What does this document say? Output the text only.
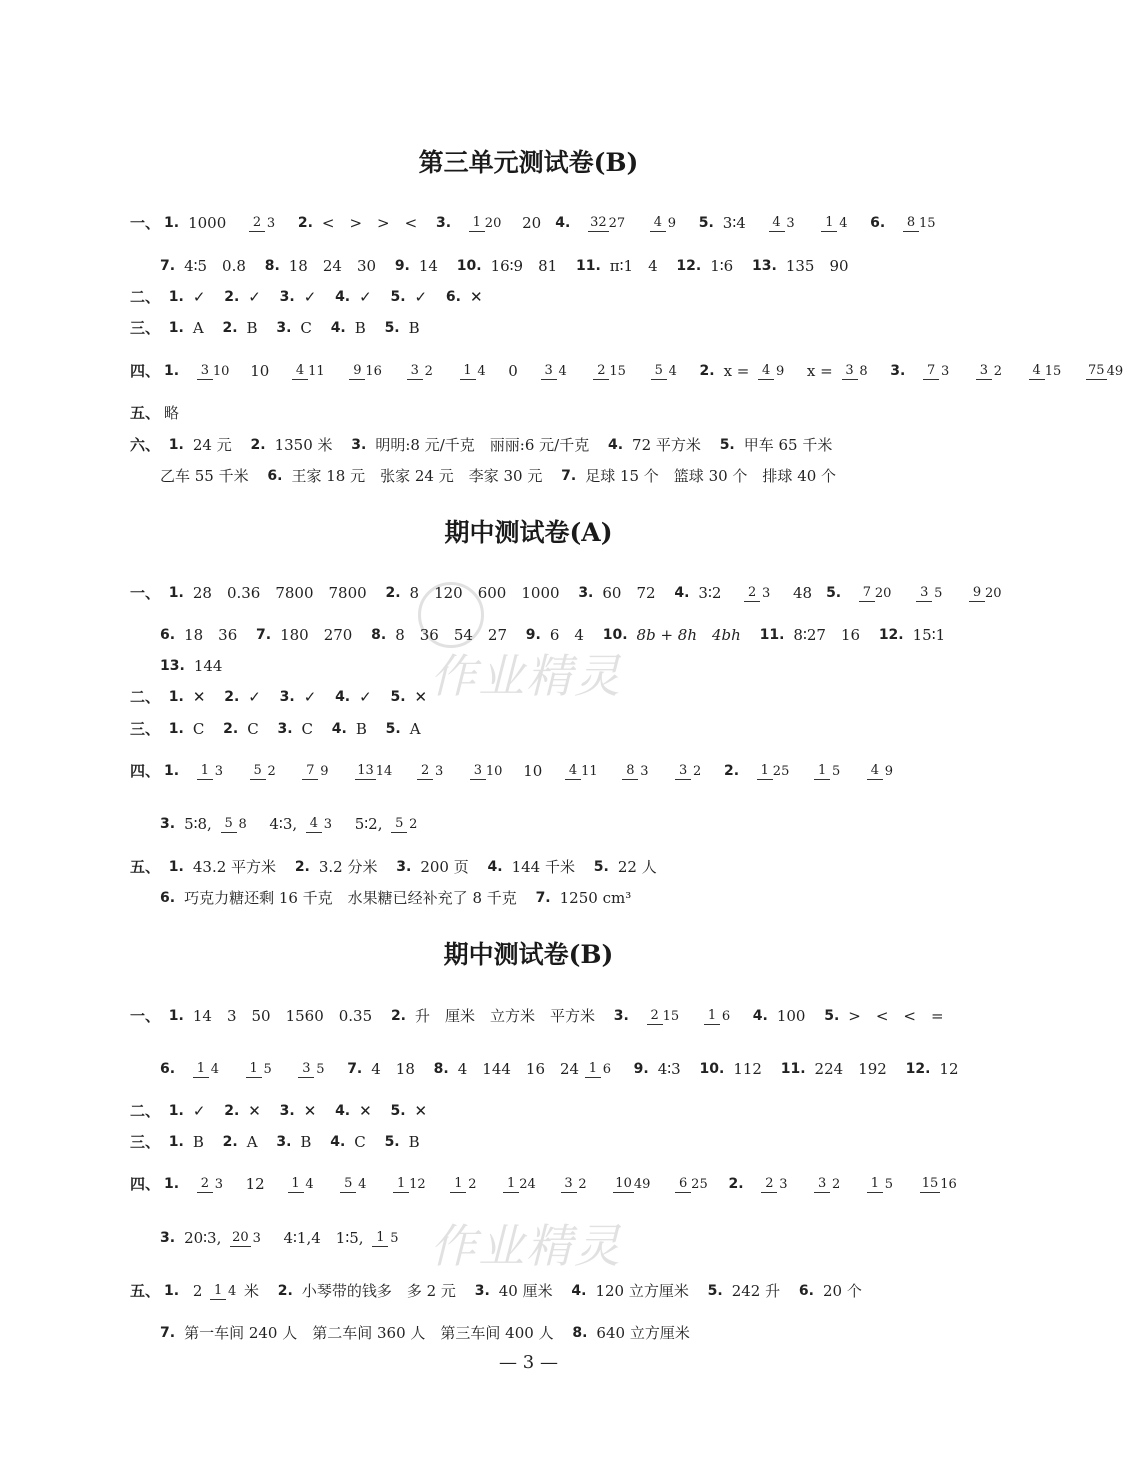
第三单元测试卷(B)
期中测试卷(A)
期中测试卷(B)
作业精灵
作业精灵
一、 1. 1000 2 3 2. <　>　>　< 3. 1 20 20 4. 32 27 4 9 5. 3∶4 4 3 1 4 6. 8 15
7. 4∶5　0.8 8. 18　24　30 9. 14 10. 16∶9　81 11. π∶1　4 12. 1∶6 13. 135　90
二、 1. ✓ 2. ✓ 3. ✓ 4. ✓ 5. ✓ 6. ✕
三、 1. A 2. B 3. C 4. B 5. B
四、 1. 3 10 10 4 11 9 16 3 2 1 4 0 3 4 2 15 5 4 2. x = 4 9 x = 3 8 3. 7 3 3 2 4 15 75 49
五、 略
六、 1. 24 元 2. 1350 米 3. 明明:8 元/千克　丽丽:6 元/千克 4. 72 平方米 5. 甲车 65 千米
乙车 55 千米 6. 王家 18 元　张家 24 元　李家 30 元 7. 足球 15 个　篮球 30 个　排球 40 个
一、 1. 28　0.36　7800　7800 2. 8　120　600　1000 3. 60　72 4. 3∶2 2 3 48 5. 7 20 3 5 9 20
6. 18　36 7. 180　270 8. 8　36　54　27 9. 6　4 10. 8b + 8h　4bh 11. 8∶27　16 12. 15∶1
13. 144
二、 1. ✕ 2. ✓ 3. ✓ 4. ✓ 5. ✕
三、 1. C 2. C 3. C 4. B 5. A
四、 1. 1 3 5 2 7 9 13 14 2 3 3 10 10 4 11 8 3 3 2 2. 1 25 1 5 4 9
3. 5∶8, 5 8 4∶3, 4 3 5∶2, 5 2
五、 1. 43.2 平方米 2. 3.2 分米 3. 200 页 4. 144 千米 5. 22 人
6. 巧克力糖还剩 16 千克　水果糖已经补充了 8 千克 7. 1250 cm³
一、 1. 14　3　50　1560　0.35 2. 升　厘米　立方米　平方米 3. 2 15 1 6 4. 100 5. >　<　<　=
6. 1 4 1 5 3 5 7. 4　18 8. 4　144　16　24 1 6 9. 4∶3 10. 112 11. 224　192 12. 12
二、 1. ✓ 2. ✕ 3. ✕ 4. ✕ 5. ✕
三、 1. B 2. A 3. B 4. C 5. B
四、 1. 2 3 12 1 4 5 4 1 12 1 2 1 24 3 2 10 49 6 25 2. 2 3 3 2 1 5 15 16
3. 20∶3, 20 3 4∶1,4　1∶5, 1 5
五、 1. 2 1 4 米 2. 小琴带的钱多　多 2 元 3. 40 厘米 4. 120 立方厘米 5. 242 升 6. 20 个
7. 第一车间 240 人　第二车间 360 人　第三车间 400 人 8. 640 立方厘米
— 3 —
